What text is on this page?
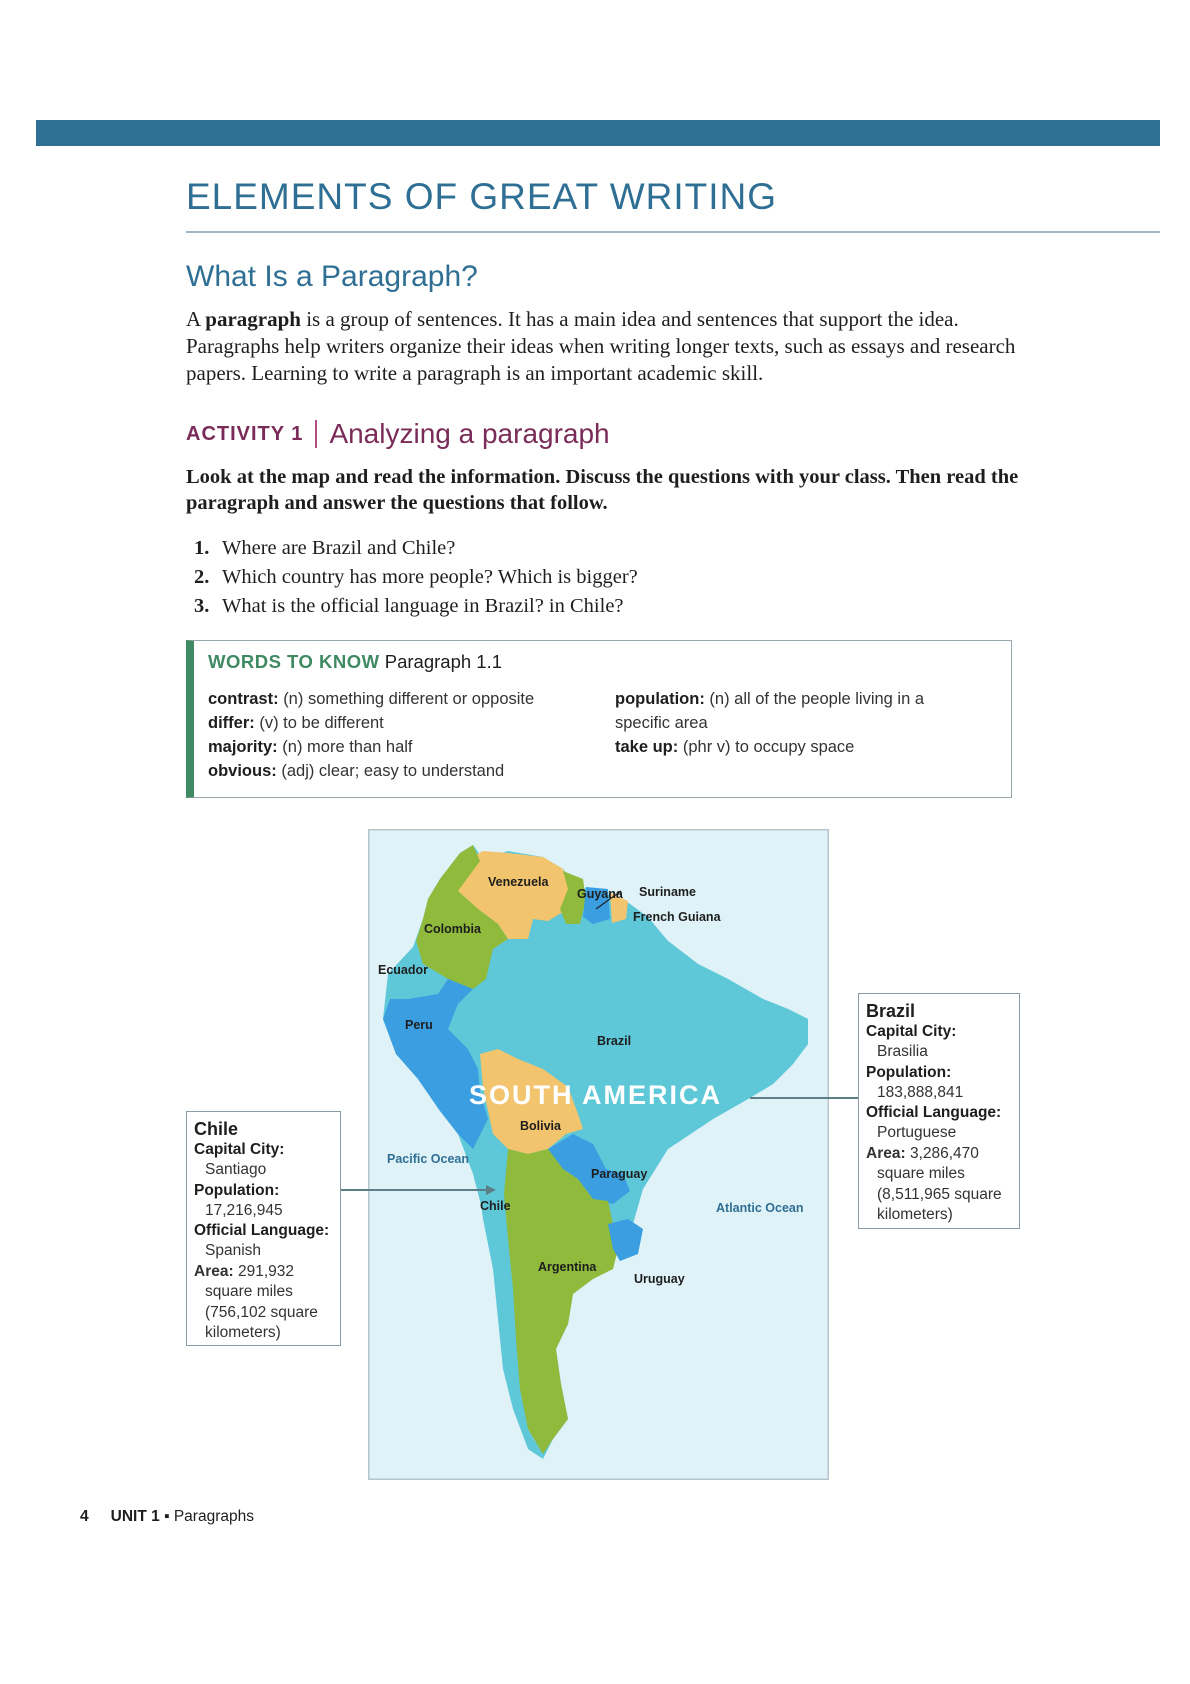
ELEMENTS OF GREAT WRITING
What Is a Paragraph?

A paragraph is a group of sentences. It has a main idea and sentences that support the idea. Paragraphs help writers organize their ideas when writing longer texts, such as essays and research papers. Learning to write a paragraph is an important academic skill.

ACTIVITY 1 Analyzing a paragraph

Look at the map and read the information. Discuss the questions with your class. Then read the paragraph and answer the questions that follow.

1. Where are Brazil and Chile?
2. Which country has more people? Which is bigger?
3. What is the official language in Brazil? in Chile?
WORDS TO KNOW Paragraph 1.1
contrast: (n) something different or opposite
differ: (v) to be different
majority: (n) more than half
obvious: (adj) clear; easy to understand
population: (n) all of the people living in a
specific area
take up: (phr v) to occupy space
Venezuela
Guyana Suriname
French Guiana
Colombia
Ecuador
Peru
Brazil
Bolivia
Paraguay
Chile
Argentina
Uruguay
Pacific Ocean
Atlantic Ocean
SOUTH AMERICA
Chile
Capital City:
Santiago
Population:
17,216,945
Official Language:
Spanish
Area: 291,932
square miles
(756,102 square
kilometers)
Brazil
Capital City:
Brasilia
Population:
183,888,841
Official Language:
Portuguese
Area: 3,286,470
square miles
(8,511,965 square
kilometers)
4 UNIT 1 ▪ Paragraphs
